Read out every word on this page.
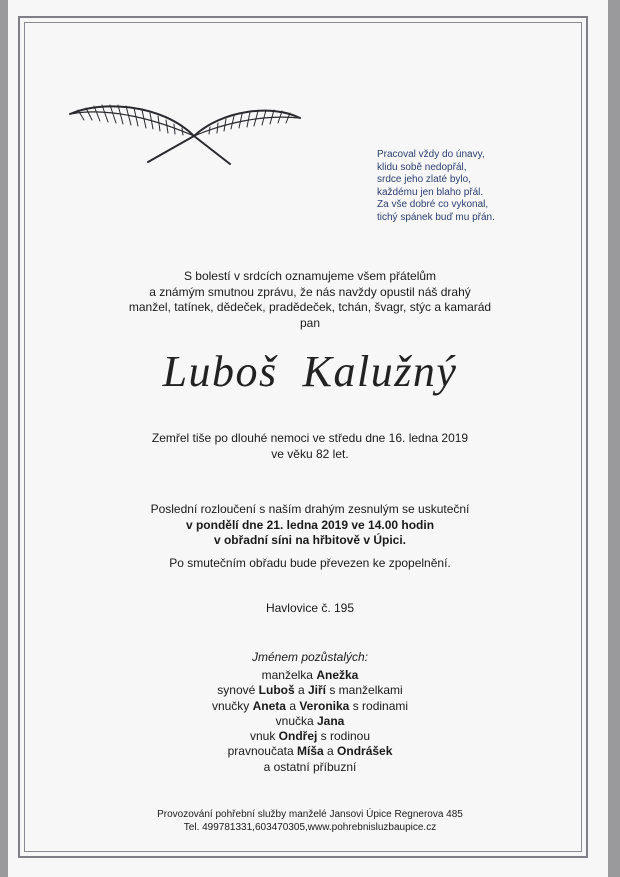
Pracoval vždy do únavy,
klidu sobě nedopřál,
srdce jeho zlaté bylo,
každému jen blaho přál.
Za vše dobré co vykonal,
tichý spánek buď mu přán.
S bolestí v srdcích oznamujeme všem přátelům
a známým smutnou zprávu, že nás navždy opustil náš drahý
manžel, tatínek, dědeček, pradědeček, tchán, švagr, stýc a kamarád
pan
Luboš  Kalužný
Zemřel tiše po dlouhé nemoci ve středu dne 16. ledna 2019
ve věku 82 let.
Poslední rozloučení s naším drahým zesnulým se uskuteční
v pondělí dne 21. ledna 2019 ve 14.00 hodin
v obřadní síni na hřbitově v Úpici.
Po smutečním obřadu bude převezen ke zpopelnění.
Havlovice č. 195
Jménem pozůstalých:
manželka Anežka
synové Luboš a Jiří s manželkami
vnučky Aneta a Veronika s rodinami
vnučka Jana
vnuk Ondřej s rodinou
pravnoučata Míša a Ondrášek
a ostatní příbuzní
Provozování pohřební služby manželé Jansovi Úpice Regnerova 485
Tel. 499781331,603470305,www.pohrebnisluzbaupice.cz
